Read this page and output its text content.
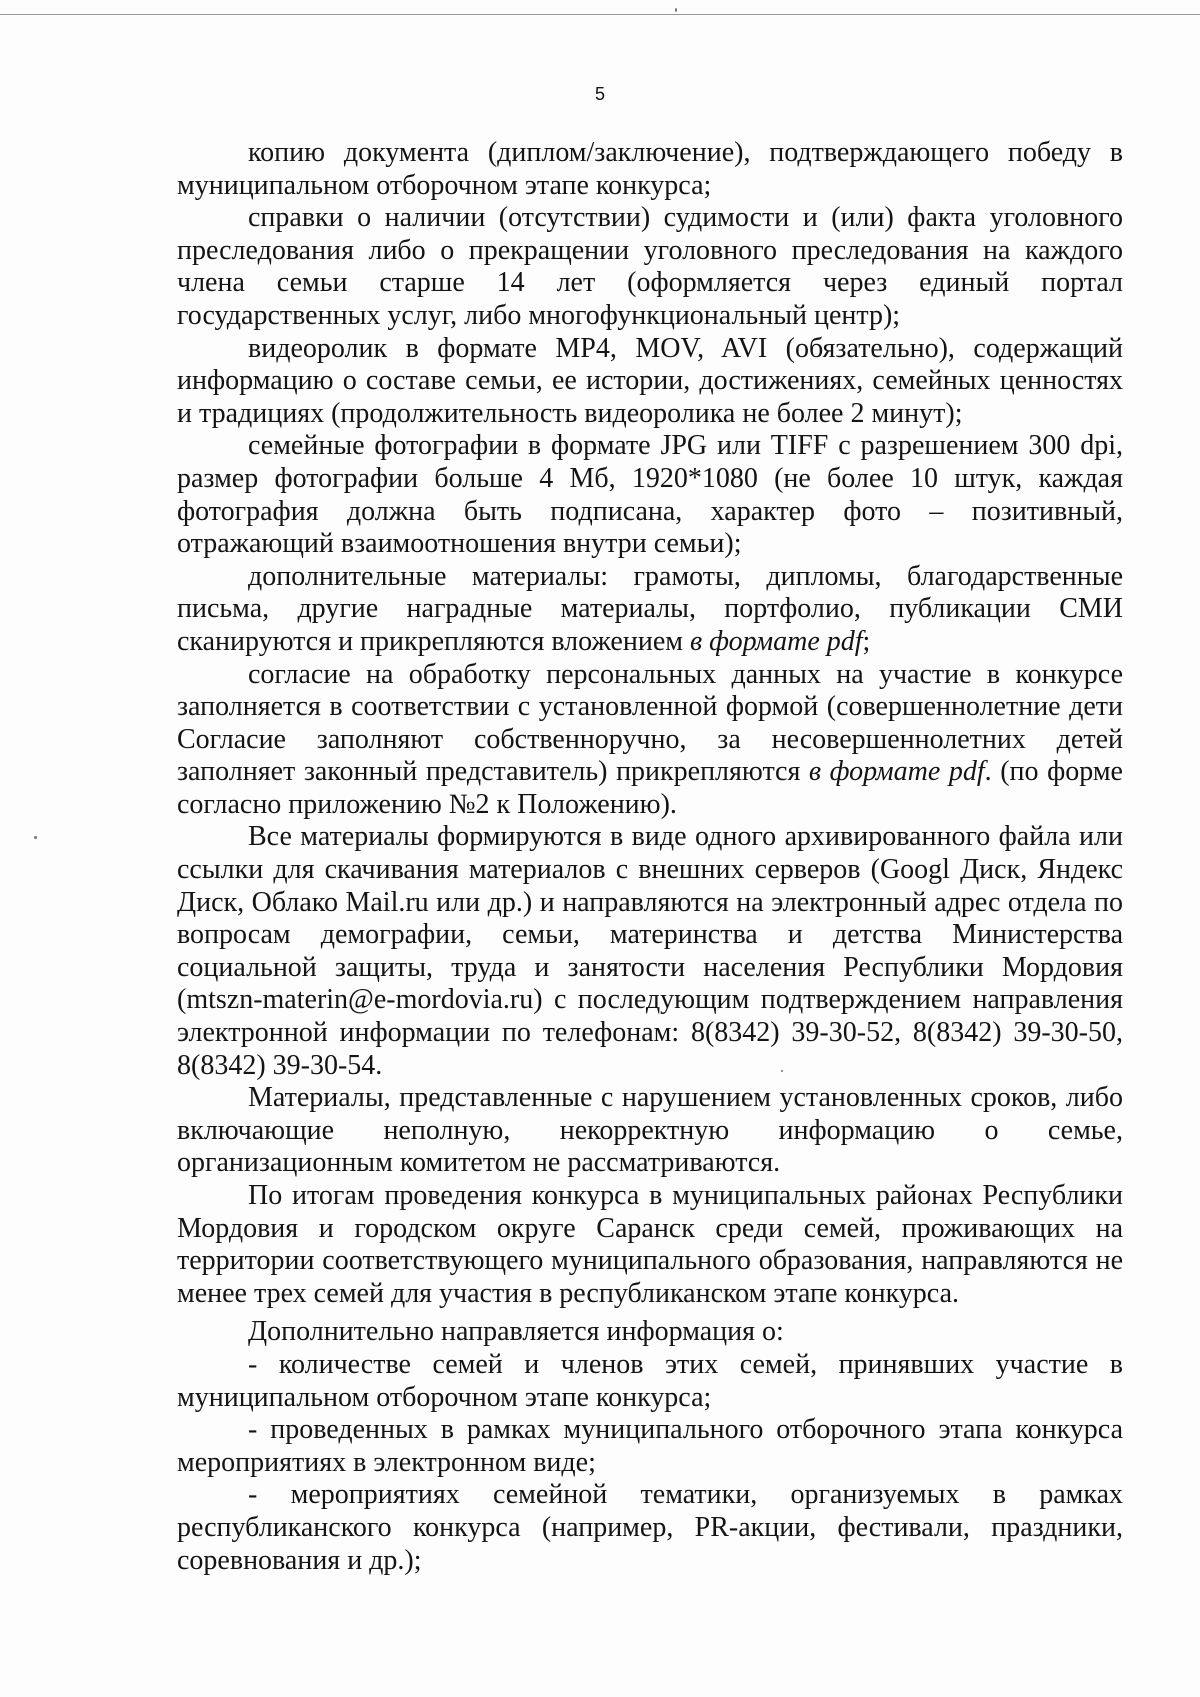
5

копию документа (диплом/заключение), подтверждающего победу в муниципальном отборочном этапе конкурса;

справки о наличии (отсутствии) судимости и (или) факта уголовного преследования либо о прекращении уголовного преследования на каждого члена семьи старше 14 лет (оформляется через единый портал государственных услуг, либо многофункциональный центр);

видеоролик в формате MP4, MOV, AVI (обязательно), содержащий информацию о составе семьи, ее истории, достижениях, семейных ценностях и традициях (продолжительность видеоролика не более 2 минут);

семейные фотографии в формате JPG или TIFF с разрешением 300 dpi, размер фотографии больше 4 Мб, 1920*1080 (не более 10 штук, каждая фотография должна быть подписана, характер фото – позитивный, отражающий взаимоотношения внутри семьи);

дополнительные материалы: грамоты, дипломы, благодарственные письма, другие наградные материалы, портфолио, публикации СМИ сканируются и прикрепляются вложением в формате pdf;

согласие на обработку персональных данных на участие в конкурсе заполняется в соответствии с установленной формой (совершеннолетние дети Согласие заполняют собственноручно, за несовершеннолетних детей заполняет законный представитель) прикрепляются в формате pdf. (по форме согласно приложению №2 к Положению).

Все материалы формируются в виде одного архивированного файла или ссылки для скачивания материалов с внешних серверов (Googl Диск, Яндекс Диск, Облако Mail.ru или др.) и направляются на электронный адрес отдела по вопросам демографии, семьи, материнства и детства Министерства социальной защиты, труда и занятости населения Республики Мордовия (mtszn-materin@e-mordovia.ru) с последующим подтверждением направления электронной информации по телефонам: 8(8342) 39-30-52, 8(8342) 39-30-50, 8(8342) 39-30-54.

Материалы, представленные с нарушением установленных сроков, либо включающие неполную, некорректную информацию о семье, организационным комитетом не рассматриваются.

По итогам проведения конкурса в муниципальных районах Республики Мордовия и городском округе Саранск среди семей, проживающих на территории соответствующего муниципального образования, направляются не менее трех семей для участия в республиканском этапе конкурса.

Дополнительно направляется информация о:

- количестве семей и членов этих семей, принявших участие в муниципальном отборочном этапе конкурса;

- проведенных в рамках муниципального отборочного этапа конкурса мероприятиях в электронном виде;

- мероприятиях семейной тематики, организуемых в рамках республиканского конкурса (например, PR-акции, фестивали, праздники, соревнования и др.);
